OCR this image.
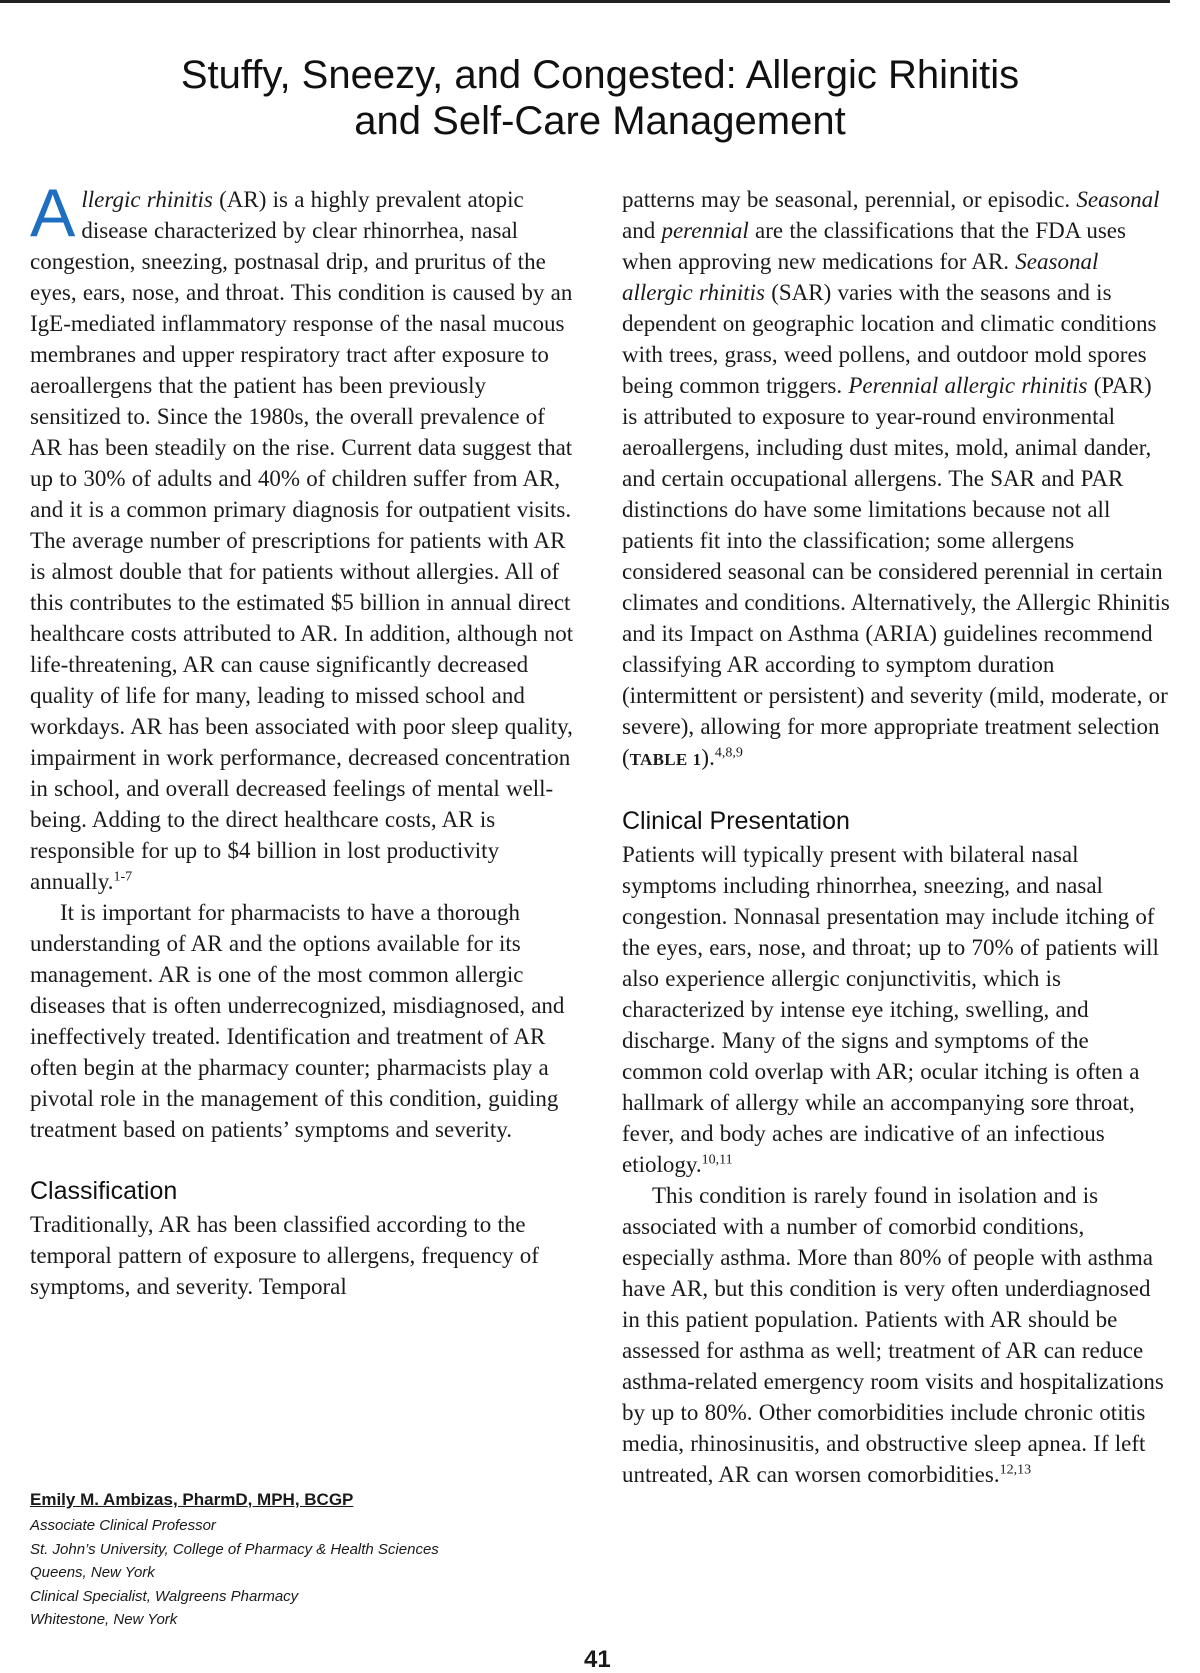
Stuffy, Sneezy, and Congested: Allergic Rhinitis
and Self-Care Management

Allergic rhinitis (AR) is a highly prevalent atopic disease characterized by clear rhinorrhea, nasal congestion, sneezing, postnasal drip, and pruritus of the eyes, ears, nose, and throat. This condition is caused by an IgE-mediated inflammatory response of the nasal mucous membranes and upper respiratory tract after exposure to aeroallergens that the patient has been previously sensitized to. Since the 1980s, the overall prevalence of AR has been steadily on the rise. Current data suggest that up to 30% of adults and 40% of children suffer from AR, and it is a common primary diagnosis for outpatient visits. The average number of prescriptions for patients with AR is almost double that for patients without allergies. All of this contributes to the estimated $5 billion in annual direct healthcare costs attributed to AR. In addition, although not life-threatening, AR can cause significantly decreased quality of life for many, leading to missed school and workdays. AR has been associated with poor sleep quality, impairment in work performance, decreased concentration in school, and overall decreased feelings of mental well-being. Adding to the direct healthcare costs, AR is responsible for up to $4 billion in lost productivity annually.$^{1-7}$

It is important for pharmacists to have a thorough understanding of AR and the options available for its management. AR is one of the most common allergic diseases that is often underrecognized, misdiagnosed, and ineffectively treated. Identification and treatment of AR often begin at the pharmacy counter; pharmacists play a pivotal role in the management of this condition, guiding treatment based on patients’ symptoms and severity.

Classification

Traditionally, AR has been classified according to the temporal pattern of exposure to allergens, frequency of symptoms, and severity. Temporal

patterns may be seasonal, perennial, or episodic. Seasonal and perennial are the classifications that the FDA uses when approving new medications for AR. Seasonal allergic rhinitis (SAR) varies with the seasons and is dependent on geographic location and climatic conditions with trees, grass, weed pollens, and outdoor mold spores being common triggers. Perennial allergic rhinitis (PAR) is attributed to exposure to year-round environmental aeroallergens, including dust mites, mold, animal dander, and certain occupational allergens. The SAR and PAR distinctions do have some limitations because not all patients fit into the classification; some allergens considered seasonal can be considered perennial in certain climates and conditions. Alternatively, the Allergic Rhinitis and its Impact on Asthma (ARIA) guidelines recommend classifying AR according to symptom duration (intermittent or persistent) and severity (mild, moderate, or severe), allowing for more appropriate treatment selection (TABLE 1).$^{4,8,9}$

Clinical Presentation

Patients will typically present with bilateral nasal symptoms including rhinorrhea, sneezing, and nasal congestion. Nonnasal presentation may include itching of the eyes, ears, nose, and throat; up to 70% of patients will also experience allergic conjunctivitis, which is characterized by intense eye itching, swelling, and discharge. Many of the signs and symptoms of the common cold overlap with AR; ocular itching is often a hallmark of allergy while an accompanying sore throat, fever, and body aches are indicative of an infectious etiology.$^{10,11}$

This condition is rarely found in isolation and is associated with a number of comorbid conditions, especially asthma. More than 80% of people with asthma have AR, but this condition is very often underdiagnosed in this patient population. Patients with AR should be assessed for asthma as well; treatment of AR can reduce asthma-related emergency room visits and hospitalizations by up to 80%. Other comorbidities include chronic otitis media, rhinosinusitis, and obstructive sleep apnea. If left untreated, AR can worsen comorbidities.$^{12,13}$

Emily M. Ambizas, PharmD, MPH, BCGP

Associate Clinical Professor

St. John’s University, College of Pharmacy & Health Sciences

Queens, New York

Clinical Specialist, Walgreens Pharmacy

Whitestone, New York

41
